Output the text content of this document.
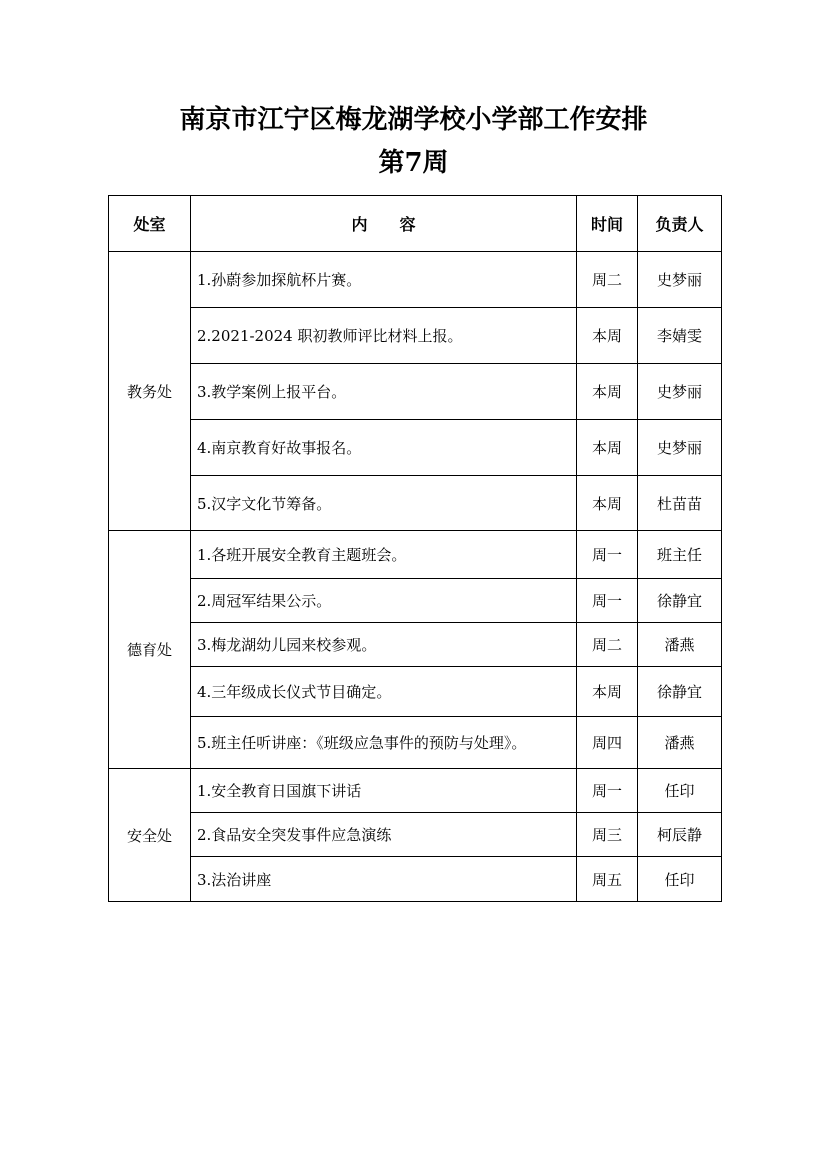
南京市江宁区梅龙湖学校小学部工作安排
第7周
处室	内　　容	时间	负责人
教务处	1.孙蔚参加探航杯片赛。	周二	史梦丽
	2.2021-2024 职初教师评比材料上报。	本周	李婧雯
	3.教学案例上报平台。	本周	史梦丽
	4.南京教育好故事报名。	本周	史梦丽
	5.汉字文化节筹备。	本周	杜苗苗
德育处	1.各班开展安全教育主题班会。	周一	班主任
	2.周冠军结果公示。	周一	徐静宜
	3.梅龙湖幼儿园来校参观。	周二	潘燕
	4.三年级成长仪式节目确定。	本周	徐静宜
	5.班主任听讲座：《班级应急事件的预防与处理》。	周四	潘燕
安全处	1.安全教育日国旗下讲话	周一	任印
	2.食品安全突发事件应急演练	周三	柯辰静
	3.法治讲座	周五	任印
